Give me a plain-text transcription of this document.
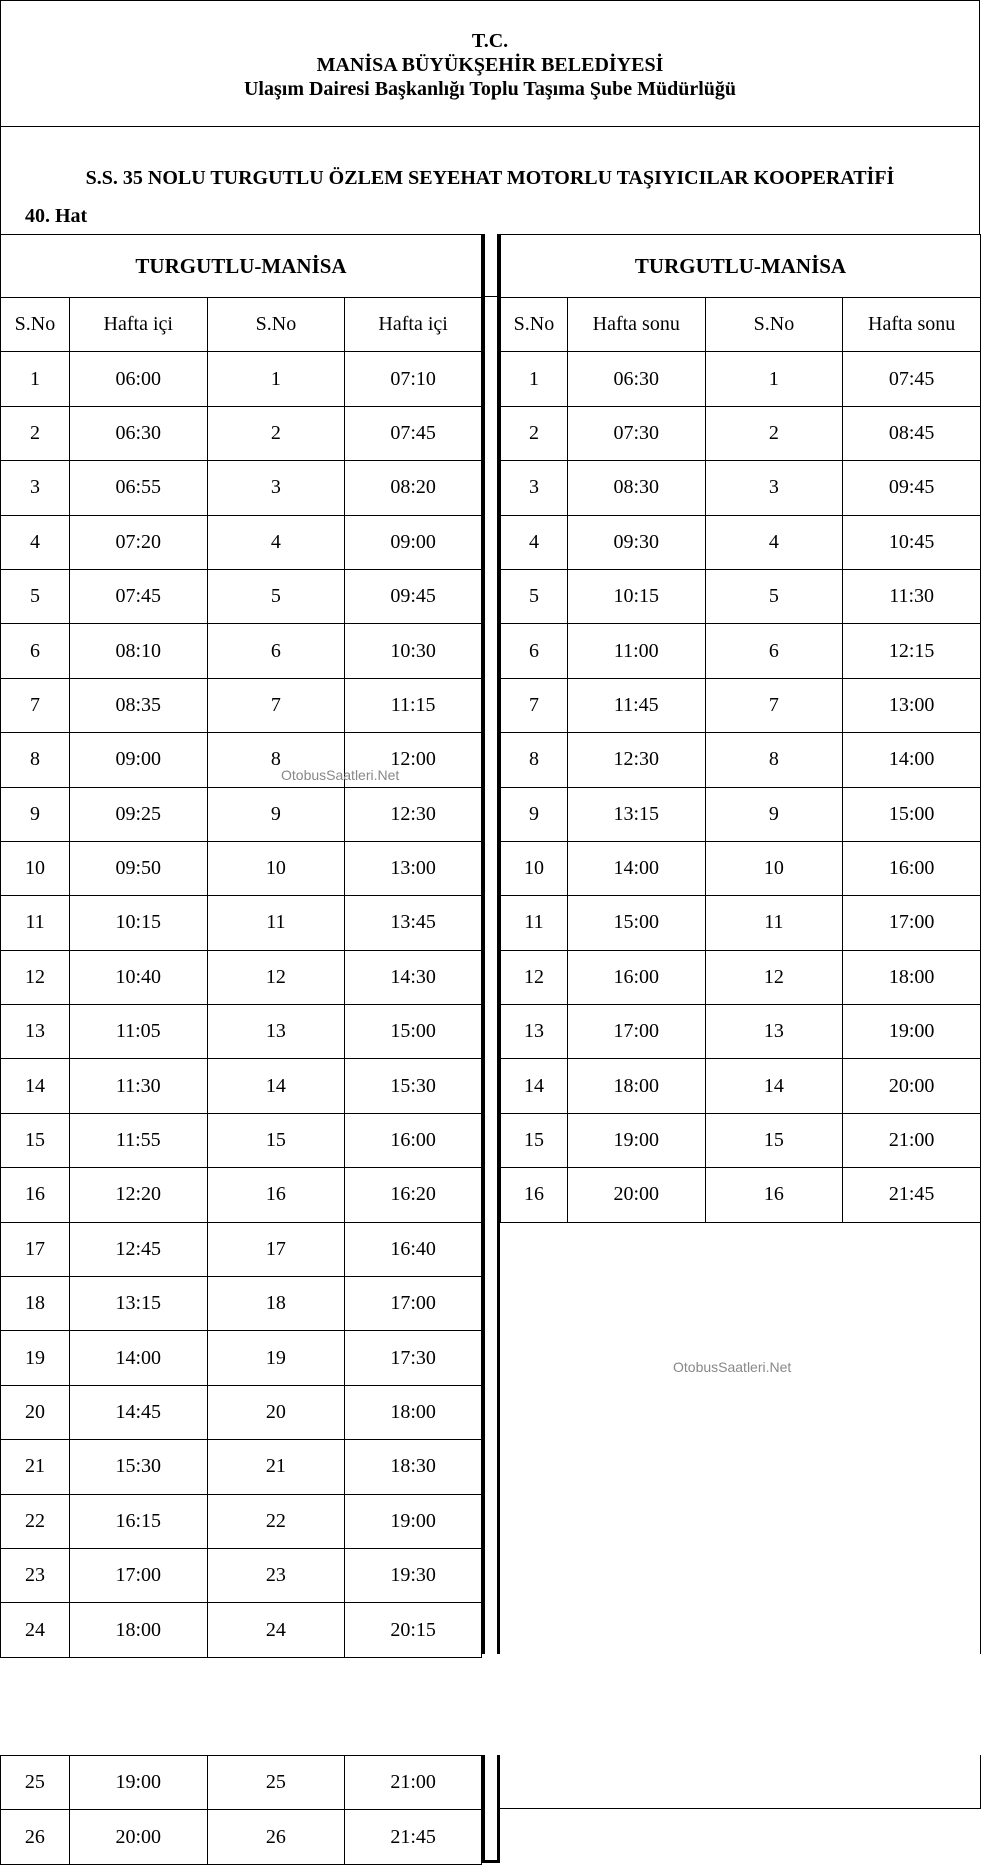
T.C.
MANİSA BÜYÜKŞEHİR BELEDİYESİ
Ulaşım Dairesi Başkanlığı Toplu Taşıma Şube Müdürlüğü
S.S. 35 NOLU TURGUTLU ÖZLEM SEYEHAT MOTORLU TAŞIYICILAR KOOPERATİFİ
40. Hat
TURGUTLU-MANİSA			
S.No	Hafta içi	S.No	Hafta içi
1	06:00	1	07:10
2	06:30	2	07:45
3	06:55	3	08:20
4	07:20	4	09:00
5	07:45	5	09:45
6	08:10	6	10:30
7	08:35	7	11:15
8	09:00	8	12:00
9	09:25	9	12:30
10	09:50	10	13:00
11	10:15	11	13:45
12	10:40	12	14:30
13	11:05	13	15:00
14	11:30	14	15:30
15	11:55	15	16:00
16	12:20	16	16:20
17	12:45	17	16:40
18	13:15	18	17:00
19	14:00	19	17:30
20	14:45	20	18:00
21	15:30	21	18:30
22	16:15	22	19:00
23	17:00	23	19:30
24	18:00	24	20:15
TURGUTLU-MANİSA			
S.No	Hafta sonu	S.No	Hafta sonu
1	06:30	1	07:45
2	07:30	2	08:45
3	08:30	3	09:45
4	09:30	4	10:45
5	10:15	5	11:30
6	11:00	6	12:15
7	11:45	7	13:00
8	12:30	8	14:00
9	13:15	9	15:00
10	14:00	10	16:00
11	15:00	11	17:00
12	16:00	12	18:00
13	17:00	13	19:00
14	18:00	14	20:00
15	19:00	15	21:00
16	20:00	16	21:45
25	19:00	25	21:00
26	20:00	26	21:45
OtobusSaatleri.Net
OtobusSaatleri.Net
